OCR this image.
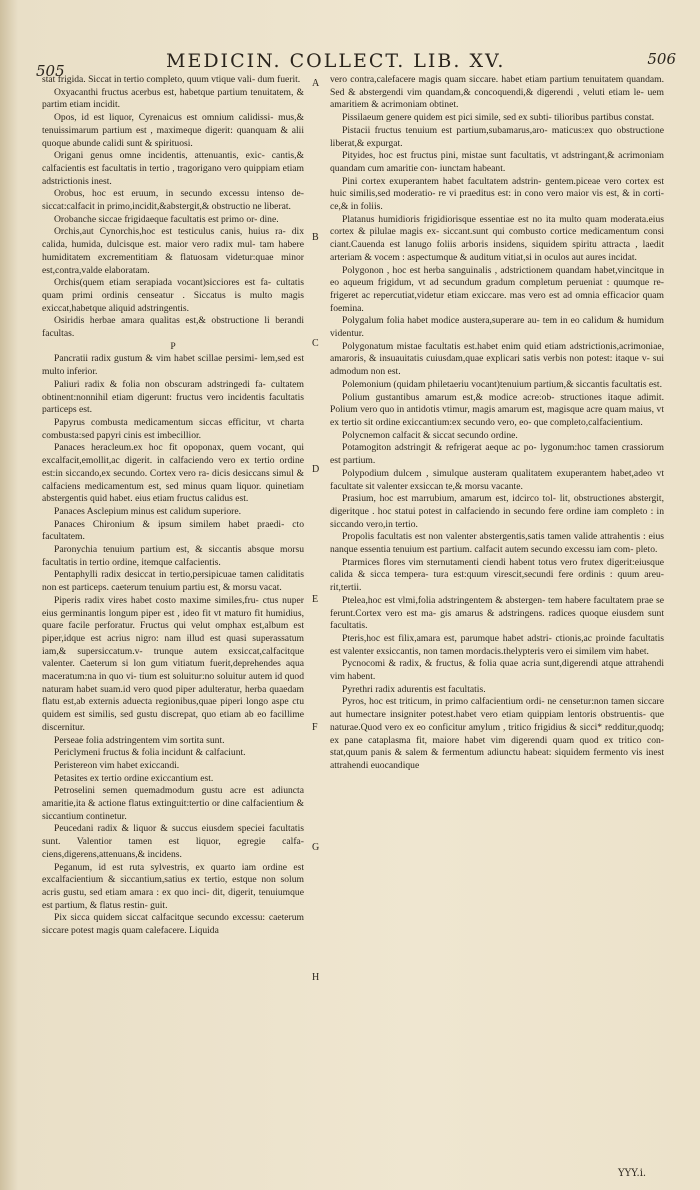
505	MEDICIN. COLLECT. LIB. XV.	506
A
B
C
D
E
F
G
H

stat frigida. Siccat in tertio completo, quum vtique vali- dum fuerit.

Oxyacanthi fructus acerbus est, habetque partium tenuitatem, & partim etiam incidit.

Opos, id est liquor, Cyrenaicus est omnium calidissi- mus,& tenuissimarum partium est , maximeque digerit: quanquam & alii quoque abunde calidi sunt & spirituosi.

Origani genus omne incidentis, attenuantis, exic- cantis,& calfacientis est facultatis in tertio , tragorigano vero quippiam etiam adstrictionis inest.

Orobus, hoc est eruum, in secundo excessu intenso de- siccat:calfacit in primo,incidit,&abstergit,& obstructio ne liberat.

Orobanche siccae frigidaeque facultatis est primo or- dine.

Orchis,aut Cynorchis,hoc est testiculus canis, huius ra- dix calida, humida, dulcisque est. maior vero radix mul- tam habere humiditatem excrementitiam & flatuosam videtur:quae minor est,contra,valde elaboratam.

Orchis(quem etiam serapiada vocant)sicciores est fa- cultatis quam primi ordinis censeatur . Siccatus is multo magis exiccat,habetque aliquid adstringentis.

Osiridis herbae amara qualitas est,& obstructione li berandi facultas.

P

Pancratii radix gustum & vim habet scillae persimi- lem,sed est multo inferior.

Paliuri radix & folia non obscuram adstringedi fa- cultatem obtinent:nonnihil etiam digerunt: fructus vero incidentis facultatis particeps est.

Papyrus combusta medicamentum siccas efficitur, vt charta combusta:sed papyri cinis est imbecillior.

Panaces heracleum.ex hoc fit opoponax, quem vocant, qui excalfacit,emollit,ac digerit. in calfaciendo vero ex tertio ordine est:in siccando,ex secundo. Cortex vero ra- dicis desiccans simul & calfaciens medicamentum est, sed minus quam liquor. quinetiam abstergentis quid habet. eius etiam fructus calidus est.

Panaces Asclepium minus est calidum superiore.

Panaces Chironium & ipsum similem habet praedi- cto facultatem.

Paronychia tenuium partium est, & siccantis absque morsu facultatis in tertio ordine, itemque calfacientis.

Pentaphylli radix desiccat in tertio,persipicuae tamen caliditatis non est particeps. caeterum tenuium partiu est, & morsu vacat.

Piperis radix vires habet costo maxime similes,fru- ctus nuper eius germinantis longum piper est , ideo fit vt maturo fit humidius, quare facile perforatur. Fructus qui velut omphax est,album est piper,idque est acrius nigro: nam illud est quasi superassatum iam,& supersiccatum.v- trunque autem exsiccat,calfacitque valenter. Caeterum si lon gum vitiatum fuerit,deprehendes aqua maceratum:na in quo vi- tium est soluitur:no soluitur autem id quod naturam habet suam.id vero quod piper adulteratur, herba quaedam flatu est,ab externis aduecta regionibus,quae piperi longo aspe ctu quidem est similis, sed gustu discrepat, quo etiam ab eo facillime discernitur.

Perseae folia adstringentem vim sortita sunt.

Periclymeni fructus & folia incidunt & calfaciunt.

Peristereon vim habet exiccandi.

Petasites ex tertio ordine exiccantium est.

Petroselini semen quemadmodum gustu acre est adiuncta amaritie,ita & actione flatus extinguit:tertio or dine calfacientium & siccantium continetur.

Peucedani radix & liquor & succus eiusdem speciei facultatis sunt. Valentior tamen est liquor, egregie calfa- ciens,digerens,attenuans,& incidens.

Peganum, id est ruta sylvestris, ex quarto iam ordine est excalfacientium & siccantium,satius ex tertio, estque non solum acris gustu, sed etiam amara : ex quo inci- dit, digerit, tenuiumque est partium, & flatus restin- guit.

Pix sicca quidem siccat calfacitque secundo excessu: caeterum siccare potest magis quam calefacere. Liquida

vero contra,calefacere magis quam siccare. habet etiam partium tenuitatem quandam. Sed & abstergendi vim quandam,& concoquendi,& digerendi , veluti etiam le- uem amaritiem & acrimoniam obtinet.

Pissilaeum genere quidem est pici simile, sed ex subti- tilioribus partibus constat.

Pistacii fructus tenuium est partium,subamarus,aro- maticus:ex quo obstructione liberat,& expurgat.

Pityides, hoc est fructus pini, mistae sunt facultatis, vt adstringant,& acrimoniam quandam cum amaritie con- iunctam habeant.

Pini cortex exuperantem habet facultatem adstrin- gentem.piceae vero cortex est huic similis,sed moderatio- re vi praeditus est: in cono vero maior vis est, & in corti- ce,& in foliis.

Platanus humidioris frigidiorisque essentiae est no ita multo quam moderata.eius cortex & pilulae magis ex- siccant.sunt qui combusto cortice medicamentum consi ciant.Cauenda est lanugo foliis arboris insidens, siquidem spiritu attracta , laedit arteriam & vocem : aspectumque & auditum vitiat,si in oculos aut aures incidat.

Polygonon , hoc est herba sanguinalis , adstrictionem quandam habet,vincitque in eo aqueum frigidum, vt ad secundum gradum completum perueniat : quumque re- frigeret ac repercutiat,videtur etiam exiccare. mas vero est ad omnia efficacior quam foemina.

Polygalum folia habet modice austera,superare au- tem in eo calidum & humidum videntur.

Polygonatum mistae facultatis est.habet enim quid etiam adstrictionis,acrimoniae, amaroris, & insuauitatis cuiusdam,quae explicari satis verbis non potest: itaque v- sui admodum non est.

Polemonium (quidam philetaeriu vocant)tenuium partium,& siccantis facultatis est.

Polium gustantibus amarum est,& modice acre:ob- structiones itaque adimit. Polium vero quo in antidotis vtimur, magis amarum est, magisque acre quam maius, vt ex tertio sit ordine exiccantium:ex secundo vero, eo- que completo,calfacientium.

Polycnemon calfacit & siccat secundo ordine.

Potamogiton adstringit & refrigerat aeque ac po- lygonum:hoc tamen crassiorum est partium.

Polypodium dulcem , simulque austeram qualitatem exuperantem habet,adeo vt facultate sit valenter exsiccan te,& morsu vacante.

Prasium, hoc est marrubium, amarum est, idcirco tol- lit, obstructiones abstergit, digeritque . hoc statui potest in calfaciendo in secundo fere ordine iam completo : in siccando vero,in tertio.

Propolis facultatis est non valenter abstergentis,satis tamen valide attrahentis : eius nanque essentia tenuium est partium. calfacit autem secundo excessu iam com- pleto.

Ptarmices flores vim sternutamenti ciendi habent totus vero frutex digerit:eiusque calida & sicca tempera- tura est:quum virescit,secundi fere ordinis : quum areu- rit,tertii.

Ptelea,hoc est vlmi,folia adstringentem & abstergen- tem habere facultatem prae se ferunt.Cortex vero est ma- gis amarus & adstringens. radices quoque eiusdem sunt facultatis.

Pteris,hoc est filix,amara est, parumque habet adstri- ctionis,ac proinde facultatis est valenter exsiccantis, non tamen mordacis.thelypteris vero ei similem vim habet.

Pycnocomi & radix, & fructus, & folia quae acria sunt,digerendi atque attrahendi vim habent.

Pyrethri radix adurentis est facultatis.

Pyros, hoc est triticum, in primo calfacientium ordi- ne censetur:non tamen siccare aut humectare insigniter potest.habet vero etiam quippiam lentoris obstruentis- que naturae.Quod vero ex eo conficitur amylum , tritico frigidius & sicci* redditur,quodq; ex pane cataplasma fit, maiore habet vim digerendi quam quod ex tritico con- stat,quum panis & salem & fermentum adiunctu habeat: siquidem fermento vis inest attrahendi euocandique

YYY.i.
